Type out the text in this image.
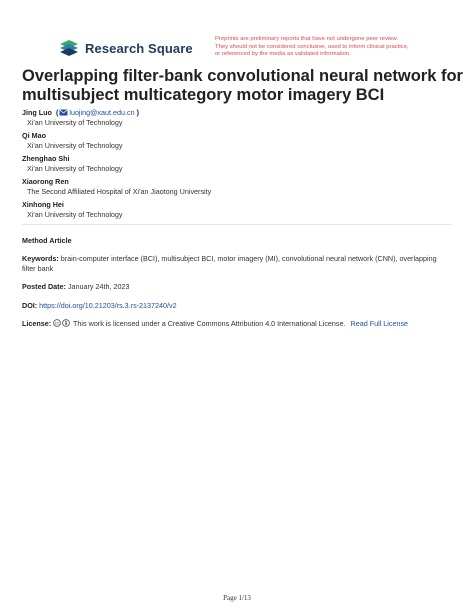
Research Square
Preprints are preliminary reports that have not undergone peer review.
They should not be considered conclusive, used to inform clinical practice,
or referenced by the media as validated information.
Overlapping filter-bank convolutional neural network for
multisubject multicategory motor imagery BCI
Jing Luo  ( luojing@xaut.edu.cn )
Xi'an University of Technology
Qi Mao
Xi'an University of Technology
Zhenghao Shi
Xi'an University of Technology
Xiaorong Ren
The Second Affiliated Hospital of Xi'an Jiaotong University
Xinhong Hei
Xi'an University of Technology
Method Article
Keywords: brain-computer interface (BCI), multisubject BCI, motor imagery (MI), convolutional neural network (CNN), overlapping filter bank
Posted Date: January 24th, 2023
DOI: https://doi.org/10.21203/rs.3.rs-2137240/v2
License: cc This work is licensed under a Creative Commons Attribution 4.0 International License. Read Full License
Page 1/13
